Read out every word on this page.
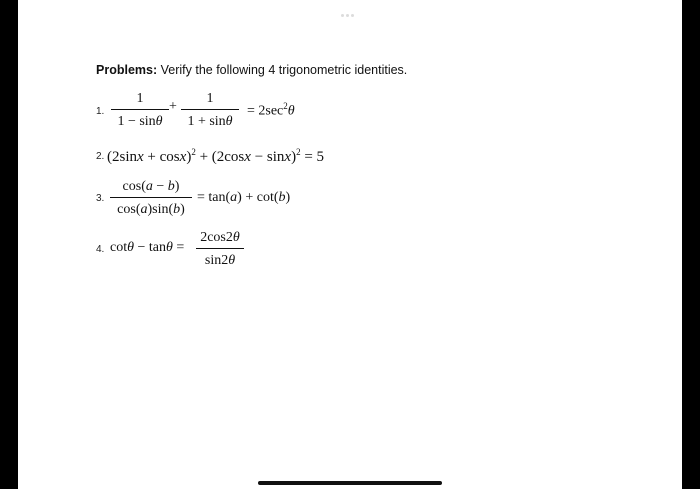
Problems: Verify the following 4 trigonometric identities.
1.
1
1 − sinθ
+
1
1 + sinθ
= $2\sec^2\theta$
2. $(2\sin x + \cos x)^2 + (2\cos x - \sin x)^2 = 5$
3.
cos(a − b)
cos(a)sin(b)
= tan(a) + cot(b)
4. cotθ − tanθ =
2cos2θ
sin2θ
